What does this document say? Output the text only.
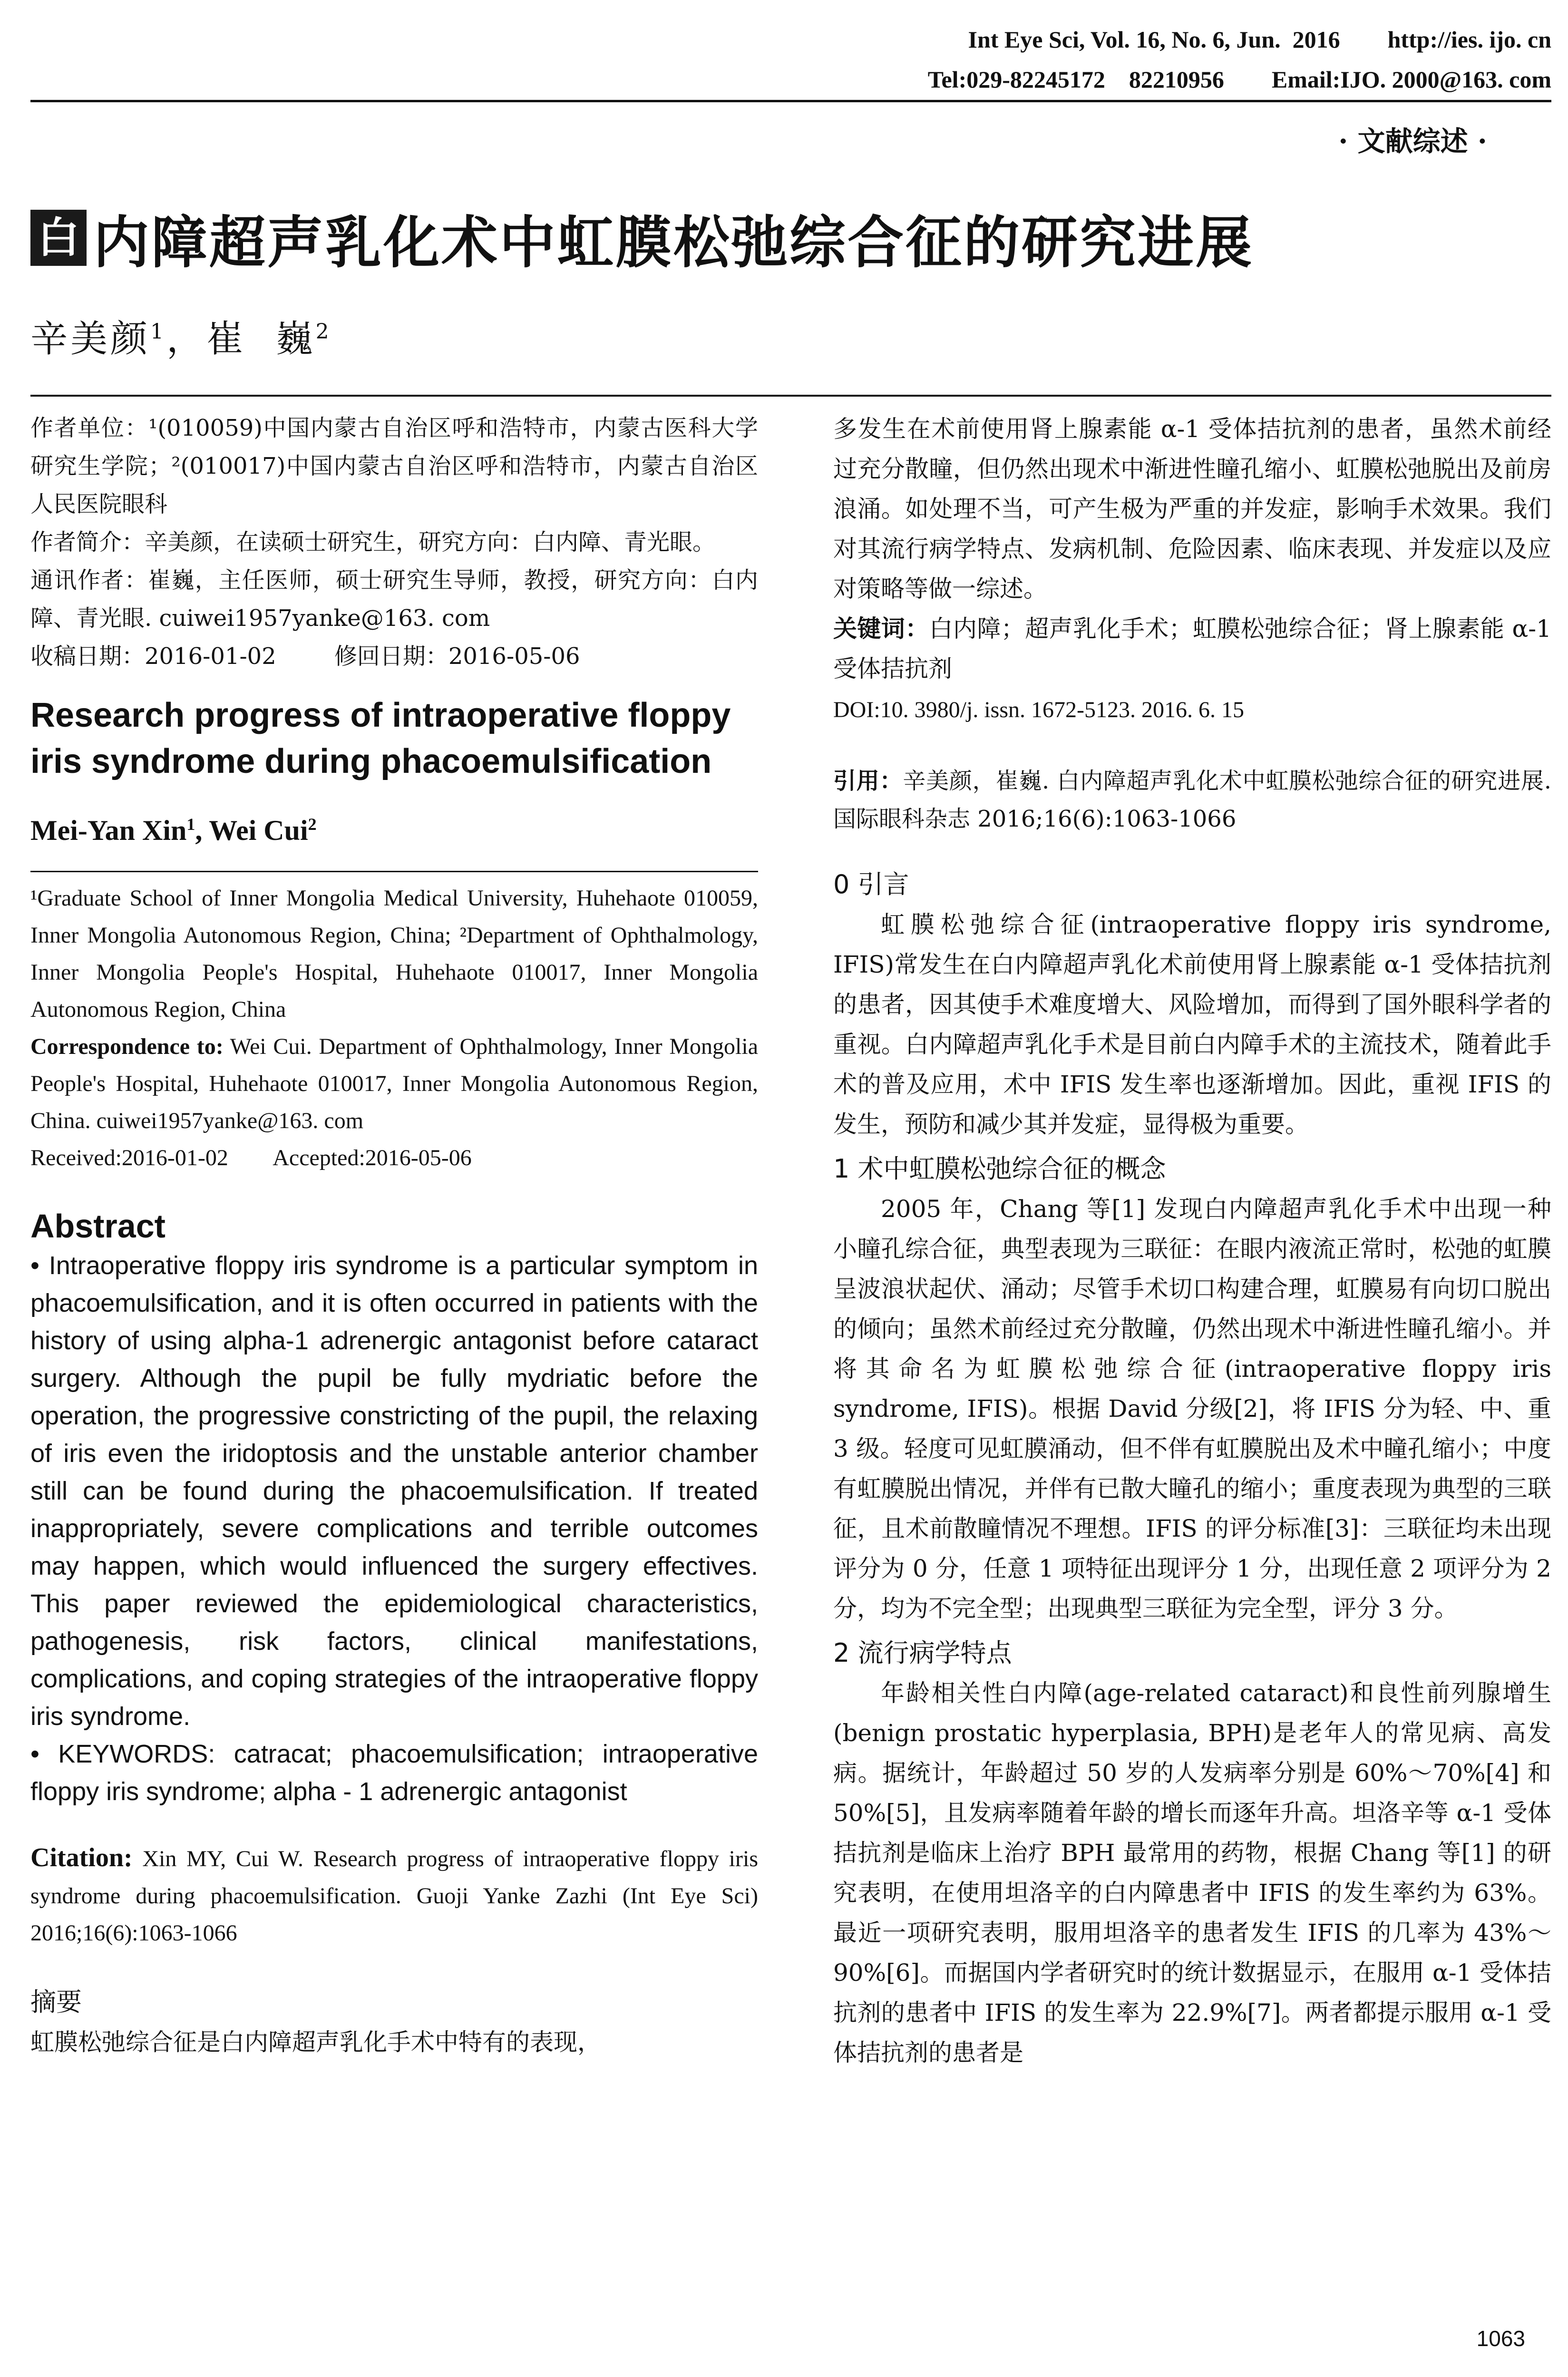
Int Eye Sci, Vol. 16, No. 6, Jun.  2016        http://ies. ijo. cn
Tel:029-82245172    82210956        Email:IJO. 2000@163. com
· 文献综述 ·
白 内障超声乳化术中虹膜松弛综合征的研究进展
辛美颜$^1$，崔  巍$^2$

作者单位：¹(010059)中国内蒙古自治区呼和浩特市，内蒙古医科大学研究生学院；²(010017)中国内蒙古自治区呼和浩特市，内蒙古自治区人民医院眼科

作者简介：辛美颜，在读硕士研究生，研究方向：白内障、青光眼。

通讯作者：崔巍，主任医师，硕士研究生导师，教授，研究方向：白内障、青光眼. cuiwei1957yanke@163. com

收稿日期：2016-01-02        修回日期：2016-05-06

Research progress of intraoperative floppy iris syndrome during phacoemulsification
Mei-Yan Xin$^1$, Wei Cui$^2$

¹Graduate School of Inner Mongolia Medical University, Huhehaote 010059, Inner Mongolia Autonomous Region, China; ²Department of Ophthalmology, Inner Mongolia People's Hospital, Huhehaote 010017, Inner Mongolia Autonomous Region, China

Correspondence to: Wei Cui. Department of Ophthalmology, Inner Mongolia People's Hospital, Huhehaote 010017, Inner Mongolia Autonomous Region, China. cuiwei1957yanke@163. com

Received:2016-01-02        Accepted:2016-05-06

Abstract

• Intraoperative floppy iris syndrome is a particular symptom in phacoemulsification, and it is often occurred in patients with the history of using alpha-1 adrenergic antagonist before cataract surgery. Although the pupil be fully mydriatic before the operation, the progressive constricting of the pupil, the relaxing of iris even the iridoptosis and the unstable anterior chamber still can be found during the phacoemulsification. If treated inappropriately, severe complications and terrible outcomes may happen, which would influenced the surgery effectives. This paper reviewed the epidemiological characteristics, pathogenesis, risk factors, clinical manifestations, complications, and coping strategies of the intraoperative floppy iris syndrome.

• KEYWORDS: catracat; phacoemulsification; intraoperative floppy iris syndrome; alpha - 1 adrenergic antagonist

Citation: Xin MY, Cui W. Research progress of intraoperative floppy iris syndrome during phacoemulsification. Guoji Yanke Zazhi (Int Eye Sci) 2016;16(6):1063-1066

摘要

虹膜松弛综合征是白内障超声乳化手术中特有的表现，

多发生在术前使用肾上腺素能 α-1 受体拮抗剂的患者，虽然术前经过充分散瞳，但仍然出现术中渐进性瞳孔缩小、虹膜松弛脱出及前房浪涌。如处理不当，可产生极为严重的并发症，影响手术效果。我们对其流行病学特点、发病机制、危险因素、临床表现、并发症以及应对策略等做一综述。

关键词：白内障；超声乳化手术；虹膜松弛综合征；肾上腺素能 α-1 受体拮抗剂

DOI:10. 3980/j. issn. 1672-5123. 2016. 6. 15

引用：辛美颜，崔巍. 白内障超声乳化术中虹膜松弛综合征的研究进展. 国际眼科杂志 2016;16(6):1063-1066

0 引言

虹膜松弛综合征(intraoperative floppy iris syndrome, IFIS)常发生在白内障超声乳化术前使用肾上腺素能 α-1 受体拮抗剂的患者，因其使手术难度增大、风险增加，而得到了国外眼科学者的重视。白内障超声乳化手术是目前白内障手术的主流技术，随着此手术的普及应用，术中 IFIS 发生率也逐渐增加。因此，重视 IFIS 的发生，预防和减少其并发症，显得极为重要。

1 术中虹膜松弛综合征的概念

2005 年，Chang 等[1] 发现白内障超声乳化手术中出现一种小瞳孔综合征，典型表现为三联征：在眼内液流正常时，松弛的虹膜呈波浪状起伏、涌动；尽管手术切口构建合理，虹膜易有向切口脱出的倾向；虽然术前经过充分散瞳，仍然出现术中渐进性瞳孔缩小。并将其命名为虹膜松弛综合征(intraoperative floppy iris syndrome, IFIS)。根据 David 分级[2]，将 IFIS 分为轻、中、重 3 级。轻度可见虹膜涌动，但不伴有虹膜脱出及术中瞳孔缩小；中度有虹膜脱出情况，并伴有已散大瞳孔的缩小；重度表现为典型的三联征，且术前散瞳情况不理想。IFIS 的评分标准[3]：三联征均未出现评分为 0 分，任意 1 项特征出现评分 1 分，出现任意 2 项评分为 2 分，均为不完全型；出现典型三联征为完全型，评分 3 分。

2 流行病学特点

年龄相关性白内障(age-related cataract)和良性前列腺增生(benign prostatic hyperplasia, BPH)是老年人的常见病、高发病。据统计，年龄超过 50 岁的人发病率分别是 60%～70%[4] 和 50%[5]，且发病率随着年龄的增长而逐年升高。坦洛辛等 α-1 受体拮抗剂是临床上治疗 BPH 最常用的药物，根据 Chang 等[1] 的研究表明，在使用坦洛辛的白内障患者中 IFIS 的发生率约为 63%。最近一项研究表明，服用坦洛辛的患者发生 IFIS 的几率为 43%～90%[6]。而据国内学者研究时的统计数据显示，在服用 α-1 受体拮抗剂的患者中 IFIS 的发生率为 22.9%[7]。两者都提示服用 α-1 受体拮抗剂的患者是

1063
